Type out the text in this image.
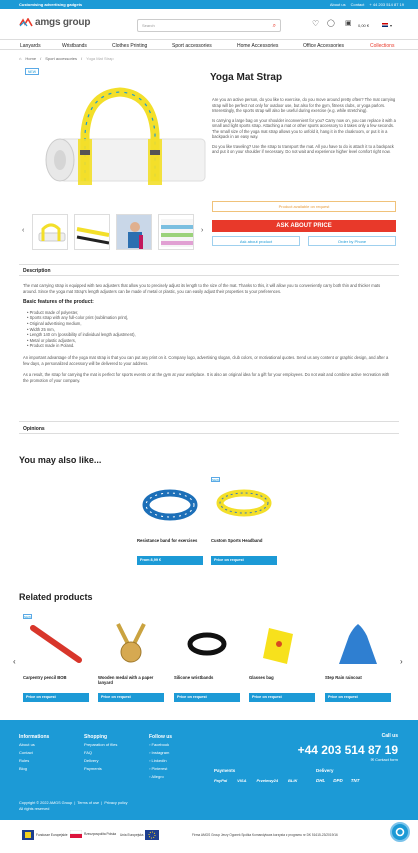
Customising advertising gadgets	About us Contact + 44 203 514 87 19
amgs group	Search	⌕	♡ ◯ ▣ 0,00 €	▾
Lanyards	Wristbands	Clothes Printing	Sport accessories	Home Accessories	Office Accessories	Collections
⌂ Home / Sport accessories / Yoga Mat Strap
NEW
‹	›
Yoga Mat Strap

Are you an active person, do you like to exercise, do you move around pretty often? The mat carrying strap will be perfect not only for outdoor use, but also for the gym, fitness clubs, or yoga parlors. Interestingly, the sports strap will also be useful during exercise (e.g. while stretching).

Is carrying a large bag on your shoulder inconvenient for you? Carry now on, you can replace it with a small and light sports strap. Attaching a mat or other sports accessory to it takes only a few seconds. The small size of the yoga mat strap allows you to unfold it, hang it in the cloakroom, or put it in a backpack in an easy way.

Do you like traveling? Use the strap to transport the mat. All you have to do is attach it to a backpack and put it on your shoulder if necessary. Do not wait and experience higher level comfort right now.

Product available on request
ASK ABOUT PRICE
Ask about product	Order by Phone
Description

The mat carrying strap is equipped with two adjusters that allow you to precisely adjust its length to the size of the mat. Thanks to this, it will allow you to conveniently carry both thin and thicker mats around. Since the yoga mat Strap's length adjusters can be made of metal or plastic, you can easily adjust their properties to your preferences.

Basic features of the product:
• Product made of polyester,
• Sports strap with any full-color print (sublimation print),
• Original advertising medium,
• Width 25 mm,
• Length 140 cm (possibility of individual length adjustment),
• Metal or plastic adjusters,
• Product made in Poland.

An important advantage of the yoga mat strap is that you can put any print on it. Company logo, advertising slogan, club colors, or motivational quotes. Send us any content or graphic design, and after a few days, a personalized accessory will be delivered to your address.

As a result, the strap for carrying the mat is perfect for sports events or at the gym at your workplace. It is also an original idea for a gift for your employees. Do not wait and combine active recreation with the promotion of your company.

Opinions
You may also like...
Resistance band for exercises
From 8,99 €
NEW
Custom Sports Headband
Price on request
Related products
‹	›
NEW
Carpentry pencil BOB
Price on request
Wooden medal with a paper lanyard
Price on request
Silicone wristbands
Price on request
Glasses bag
Price on request
Step Rain raincoat
Price on request
Informations
About us
Contact
Rules
Blog
Shopping
Preparation of files
FAQ
Delivery
Payments
Follow us
▫ Facebook
▫ Instagram
▫ LinkedIn
▫ Pinterest
▫ Allegro
Call us
+44 203 514 87 19
✉ Contact form
Payments
PayPal	VISA	Przelewy24	BLIK
Delivery
DHL DPD TNT
Copyright © 2022 AMGS Group  |  Terms of use  |  Privacy policy
All rights reserved
Fundusze Europejskie	Rzeczpospolita Polska Unia Europejska	Firma AMGS Group Jerzy Ogonek Spółka Komandytowa korzysta z programu nr DK 51615-23/2019/16
